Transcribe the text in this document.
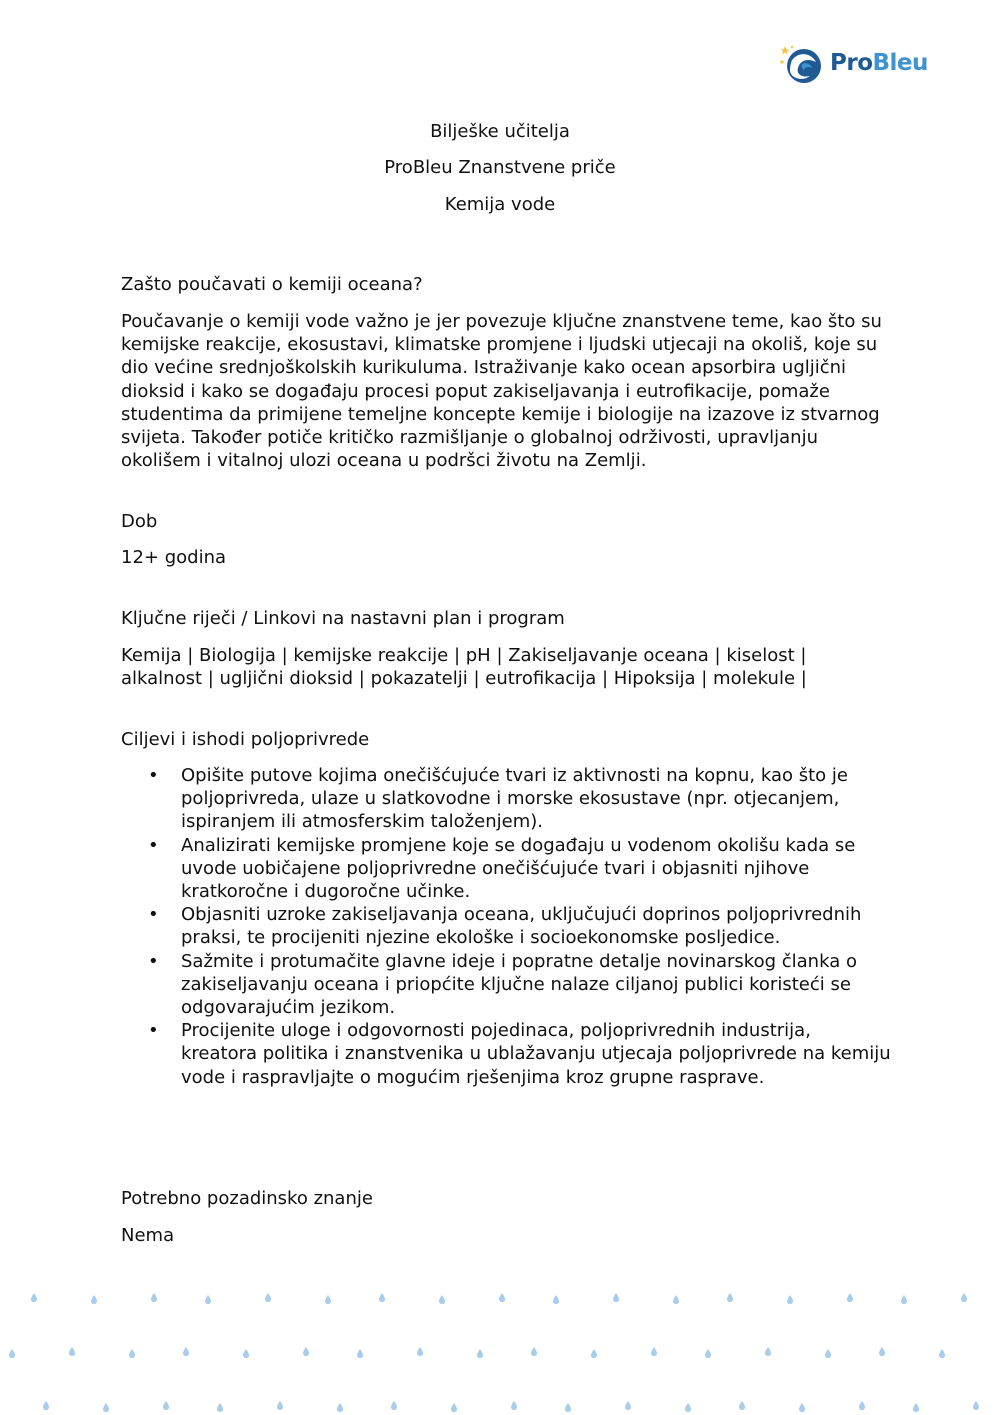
ProBleu
Bilješke učitelja
ProBleu Znanstvene priče
Kemija vode

Zašto poučavati o kemiji oceana?

Poučavanje o kemiji vode važno je jer povezuje ključne znanstvene teme, kao što su kemijske reakcije, ekosustavi, klimatske promjene i ljudski utjecaji na okoliš, koje su dio većine srednjoškolskih kurikuluma. Istraživanje kako ocean apsorbira ugljični dioksid i kako se događaju procesi poput zakiseljavanja i eutrofikacije, pomaže studentima da primijene temeljne koncepte kemije i biologije na izazove iz stvarnog svijeta. Također potiče kritičko razmišljanje o globalnoj održivosti, upravljanju okolišem i vitalnoj ulozi oceana u podršci životu na Zemlji.

Dob

12+ godina

Ključne riječi / Linkovi na nastavni plan i program

Kemija | Biologija | kemijske reakcije | pH | Zakiseljavanje oceana | kiselost | alkalnost | ugljični dioksid | pokazatelji | eutrofikacija | Hipoksija | molekule |

Ciljevi i ishodi poljoprivrede

• Opišite putove kojima onečišćujuće tvari iz aktivnosti na kopnu, kao što je poljoprivreda, ulaze u slatkovodne i morske ekosustave (npr. otjecanjem, ispiranjem ili atmosferskim taloženjem).
• Analizirati kemijske promjene koje se događaju u vodenom okolišu kada se uvode uobičajene poljoprivredne onečišćujuće tvari i objasniti njihove kratkoročne i dugoročne učinke.
• Objasniti uzroke zakiseljavanja oceana, uključujući doprinos poljoprivrednih praksi, te procijeniti njezine ekološke i socioekonomske posljedice.
• Sažmite i protumačite glavne ideje i popratne detalje novinarskog članka o zakiseljavanju oceana i priopćite ključne nalaze ciljanoj publici koristeći se odgovarajućim jezikom.
• Procijenite uloge i odgovornosti pojedinaca, poljoprivrednih industrija, kreatora politika i znanstvenika u ublažavanju utjecaja poljoprivrede na kemiju vode i raspravljajte o mogućim rješenjima kroz grupne rasprave.

Potrebno pozadinsko znanje

Nema
